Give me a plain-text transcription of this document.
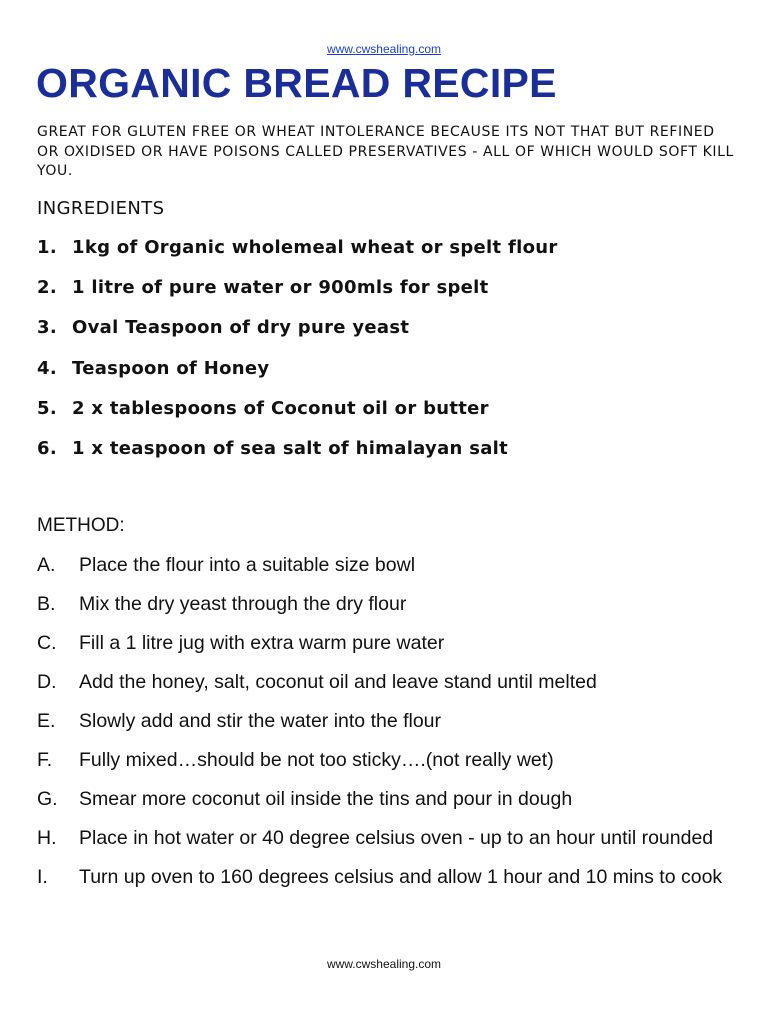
www.cwshealing.com
ORGANIC BREAD RECIPE

GREAT FOR GLUTEN FREE OR WHEAT INTOLERANCE BECAUSE ITS NOT THAT BUT REFINED OR OXIDISED OR HAVE POISONS CALLED PRESERVATIVES - ALL OF WHICH WOULD SOFT KILL YOU.

INGREDIENTS
1. 1kg of Organic wholemeal wheat or spelt flour
2. 1 litre of pure water or 900mls for spelt
3. Oval Teaspoon of dry pure yeast
4. Teaspoon of Honey
5. 2 x tablespoons of Coconut oil or butter
6. 1 x teaspoon of sea salt of himalayan salt
METHOD:
A.	Place the flour into a suitable size bowl
B.	Mix the dry yeast through the dry flour
C.	Fill a 1 litre jug with extra warm pure water
D.	Add the honey, salt, coconut oil and leave stand until melted
E.	Slowly add and stir the water into the flour
F.	Fully mixed…should be not too sticky….(not really wet)
G.	Smear more coconut oil inside the tins and pour in dough
H.	Place in hot water or 40 degree celsius oven - up to an hour until rounded
I.	Turn up oven to 160 degrees celsius and allow 1 hour and 10 mins to cook
www.cwshealing.com
